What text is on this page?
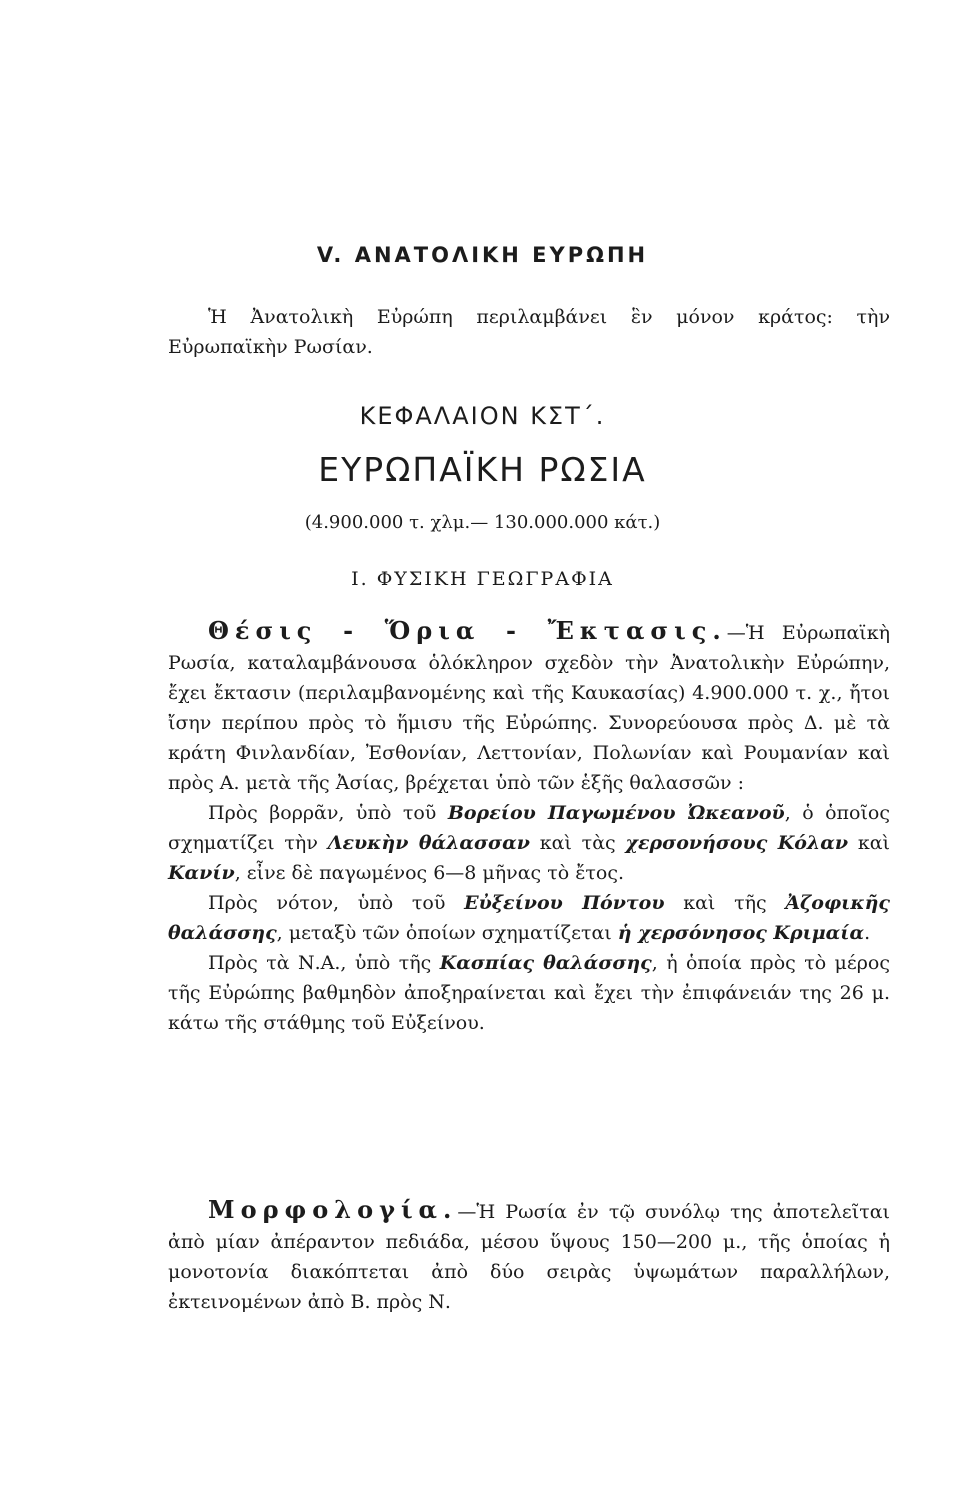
V. ΑΝΑΤΟΛΙΚΗ ΕΥΡΩΠΗ

Ἡ Ἀνατολικὴ Εὐρώπη περιλαμβάνει ἓν μόνον κράτος: τὴν Εὐρωπαϊκὴν Ρωσίαν.

ΚΕΦΑΛΑΙΟΝ ΚΣΤ΄.
ΕΥΡΩΠΑΪΚΗ ΡΩΣΙΑ
(4.900.000 τ. χλμ.— 130.000.000 κάτ.)
Ι. ΦΥΣΙΚΗ ΓΕΩΓΡΑΦΙΑ

Θέσις - Ὅρια - Ἔκτασις.—Ἡ Εὐρωπαϊκὴ Ρωσία, καταλαμβάνουσα ὁλόκληρον σχεδὸν τὴν Ἀνατολικὴν Εὐρώπην, ἔχει ἔκτασιν (περιλαμβανομένης καὶ τῆς Καυκασίας) 4.900.000 τ. χ., ἤτοι ἴσην περίπου πρὸς τὸ ἥμισυ τῆς Εὐρώπης. Συνορεύουσα πρὸς Δ. μὲ τὰ κράτη Φινλανδίαν, Ἐσθονίαν, Λεττονίαν, Πολωνίαν καὶ Ρουμανίαν καὶ πρὸς Α. μετὰ τῆς Ἀσίας, βρέχεται ὑπὸ τῶν ἑξῆς θαλασσῶν :

Πρὸς βορρᾶν, ὑπὸ τοῦ Βορείου Παγωμένου Ὠκεανοῦ, ὁ ὁποῖος σχηματίζει τὴν Λευκὴν θάλασσαν καὶ τὰς χερσονήσους Κόλαν καὶ Κανίν, εἶνε δὲ παγωμένος 6—8 μῆνας τὸ ἔτος.

Πρὸς νότον, ὑπὸ τοῦ Εὐξείνου Πόντου καὶ τῆς Ἀζοφικῆς θαλάσσης, μεταξὺ τῶν ὁποίων σχηματίζεται ἡ χερσόνησος Κριμαία.

Πρὸς τὰ Ν.Α., ὑπὸ τῆς Κασπίας θαλάσσης, ἡ ὁποία πρὸς τὸ μέρος τῆς Εὐρώπης βαθμηδὸν ἀποξηραίνεται καὶ ἔχει τὴν ἐπιφάνειάν της 26 μ. κάτω τῆς στάθμης τοῦ Εὐξείνου.

Μορφολογία.—Ἡ Ρωσία ἐν τῷ συνόλῳ της ἀποτελεῖται ἀπὸ μίαν ἀπέραντον πεδιάδα, μέσου ὕψους 150—200 μ., τῆς ὁποίας ἡ μονοτονία διακόπτεται ἀπὸ δύο σειρὰς ὑψωμάτων παραλλήλων, ἐκτεινομένων ἀπὸ Β. πρὸς Ν.
